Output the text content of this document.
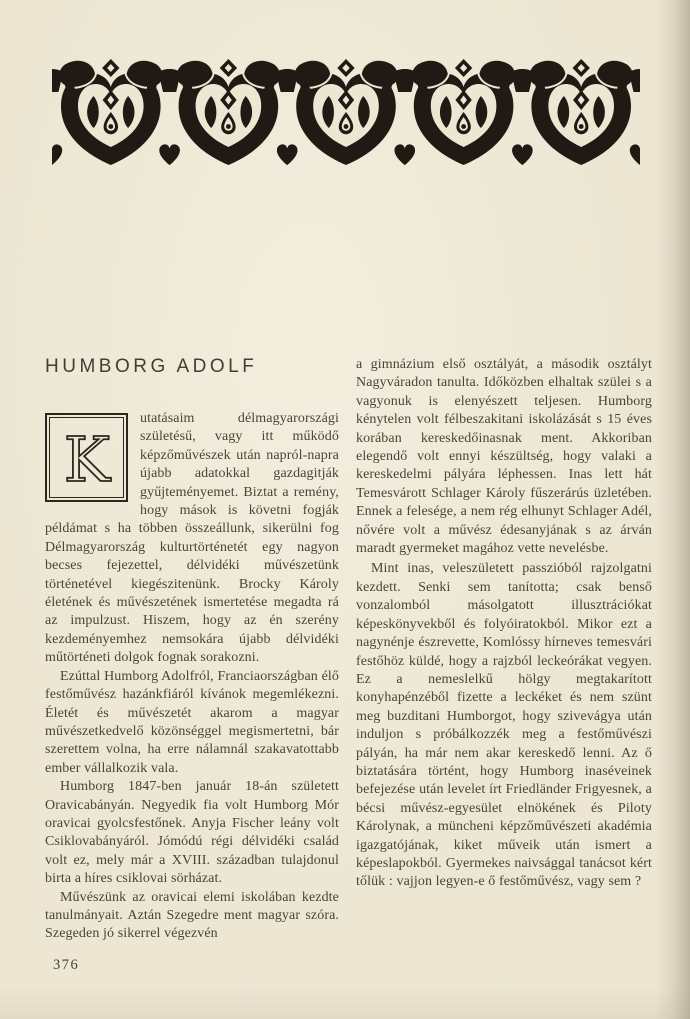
HUMBORG ADOLF

K
utatásaim délmagyarországi születésű, vagy itt működő képzőművészek után napról-napra újabb adatokkal gazdagitják gyűjteményemet. Biztat a remény, hogy mások is követni fogják példámat s ha többen összeállunk, sikerülni fog Délmagyarország kulturtörténetét egy nagyon becses fejezettel, délvidéki művészetünk történetével kiegészitenünk. Brocky Károly életének és művészetének ismertetése megadta rá az impulzust. Hiszem, hogy az én szerény kezdeményemhez nemsokára újabb délvidéki műtörténeti dolgok fognak sorakozni.

Ezúttal Humborg Adolfról, Franciaországban élő festőművész hazánkfiáról kívánok megemlékezni. Életét és művészetét akarom a magyar művészetkedvelő közönséggel megismertetni, bár szerettem volna, ha erre nálamnál szakavatottabb ember vállalkozik vala.

Humborg 1847-ben január 18-án született Oravicabányán. Negyedik fia volt Humborg Mór oravicai gyolcsfestőnek. Anyja Fischer leány volt Csiklovabányáról. Jómódú régi délvidéki család volt ez, mely már a XVIII. században tulajdonul birta a híres csiklovai sörházat.

Művészünk az oravicai elemi iskolában kezdte tanulmányait. Aztán Szegedre ment magyar szóra. Szegeden jó sikerrel végezvén

a gimnázium első osztályát, a második osztályt Nagyváradon tanulta. Időközben elhaltak szülei s a vagyonuk is elenyészett teljesen. Humborg kénytelen volt félbeszakitani iskolázását s 15 éves korában kereskedőinasnak ment. Akkoriban elegendő volt ennyi készültség, hogy valaki a kereskedelmi pályára léphessen. Inas lett hát Temesvárott Schlager Károly fűszerárús üzletében. Ennek a felesége, a nem rég elhunyt Schlager Adél, nővére volt a művész édesanyjának s az árván maradt gyermeket magához vette nevelésbe.

Mint inas, veleszületett passzióból rajzolgatni kezdett. Senki sem tanította; csak benső vonzalomból másolgatott illusztrációkat képeskönyvekből és folyóiratokból. Mikor ezt a nagynénje észrevette, Komlóssy hírneves temesvári festőhöz küldé, hogy a rajzból leckeórákat vegyen. Ez a nemeslelkű hölgy megtakarított konyhapénzéből fizette a leckéket és nem szünt meg buzditani Humborgot, hogy szivevágya után induljon s próbálkozzék meg a festőművészi pályán, ha már nem akar kereskedő lenni. Az ő biztatására történt, hogy Humborg inaséveinek befejezése után levelet írt Friedländer Frigyesnek, a bécsi művész-egyesület elnökének és Piloty Károlynak, a müncheni képzőművészeti akadémia igazgatójának, kiket műveik után ismert a képeslapokból. Gyermekes naivsággal tanácsot kért tőlük : vajjon legyen-e ő festőművész, vagy sem ?

376
